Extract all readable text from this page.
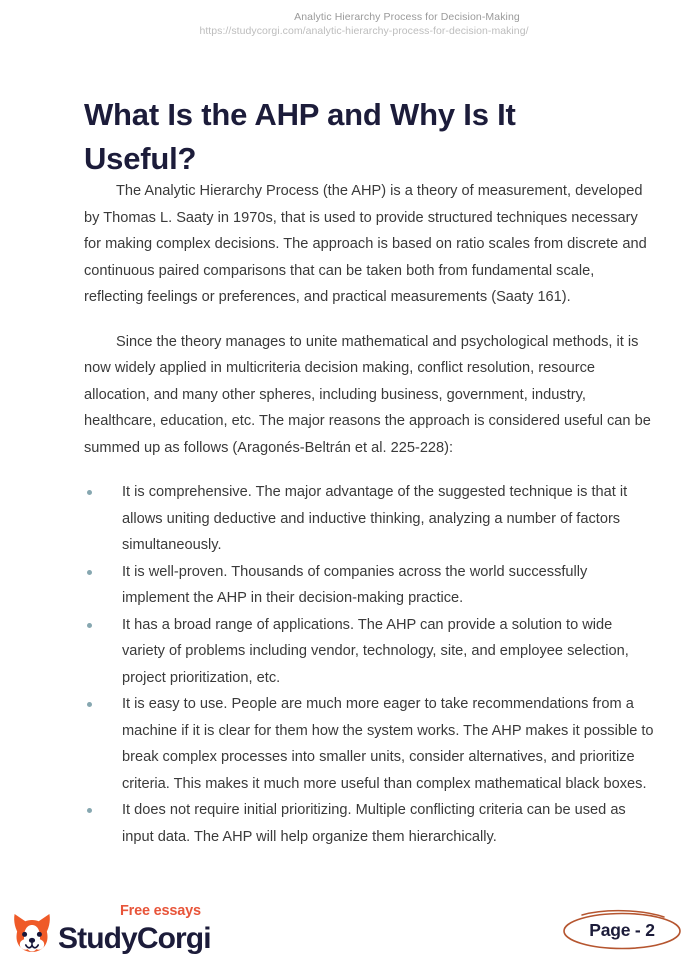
Analytic Hierarchy Process for Decision-Making
https://studycorgi.com/analytic-hierarchy-process-for-decision-making/
What Is the AHP and Why Is It Useful?

The Analytic Hierarchy Process (the AHP) is a theory of measurement, developed by Thomas L. Saaty in 1970s, that is used to provide structured techniques necessary for making complex decisions. The approach is based on ratio scales from discrete and continuous paired comparisons that can be taken both from fundamental scale, reflecting feelings or preferences, and practical measurements (Saaty 161).

Since the theory manages to unite mathematical and psychological methods, it is now widely applied in multicriteria decision making, conflict resolution, resource allocation, and many other spheres, including business, government, industry, healthcare, education, etc. The major reasons the approach is considered useful can be summed up as follows (Aragonés-Beltrán et al. 225-228):

It is comprehensive. The major advantage of the suggested technique is that it allows uniting deductive and inductive thinking, analyzing a number of factors simultaneously.
It is well-proven. Thousands of companies across the world successfully implement the AHP in their decision-making practice.
It has a broad range of applications. The AHP can provide a solution to wide variety of problems including vendor, technology, site, and employee selection, project prioritization, etc.
It is easy to use. People are much more eager to take recommendations from a machine if it is clear for them how the system works. The AHP makes it possible to break complex processes into smaller units, consider alternatives, and prioritize criteria. This makes it much more useful than complex mathematical black boxes.
It does not require initial prioritizing. Multiple conflicting criteria can be used as input data. The AHP will help organize them hierarchically.
Free essays
StudyCorgi	Page - 2
